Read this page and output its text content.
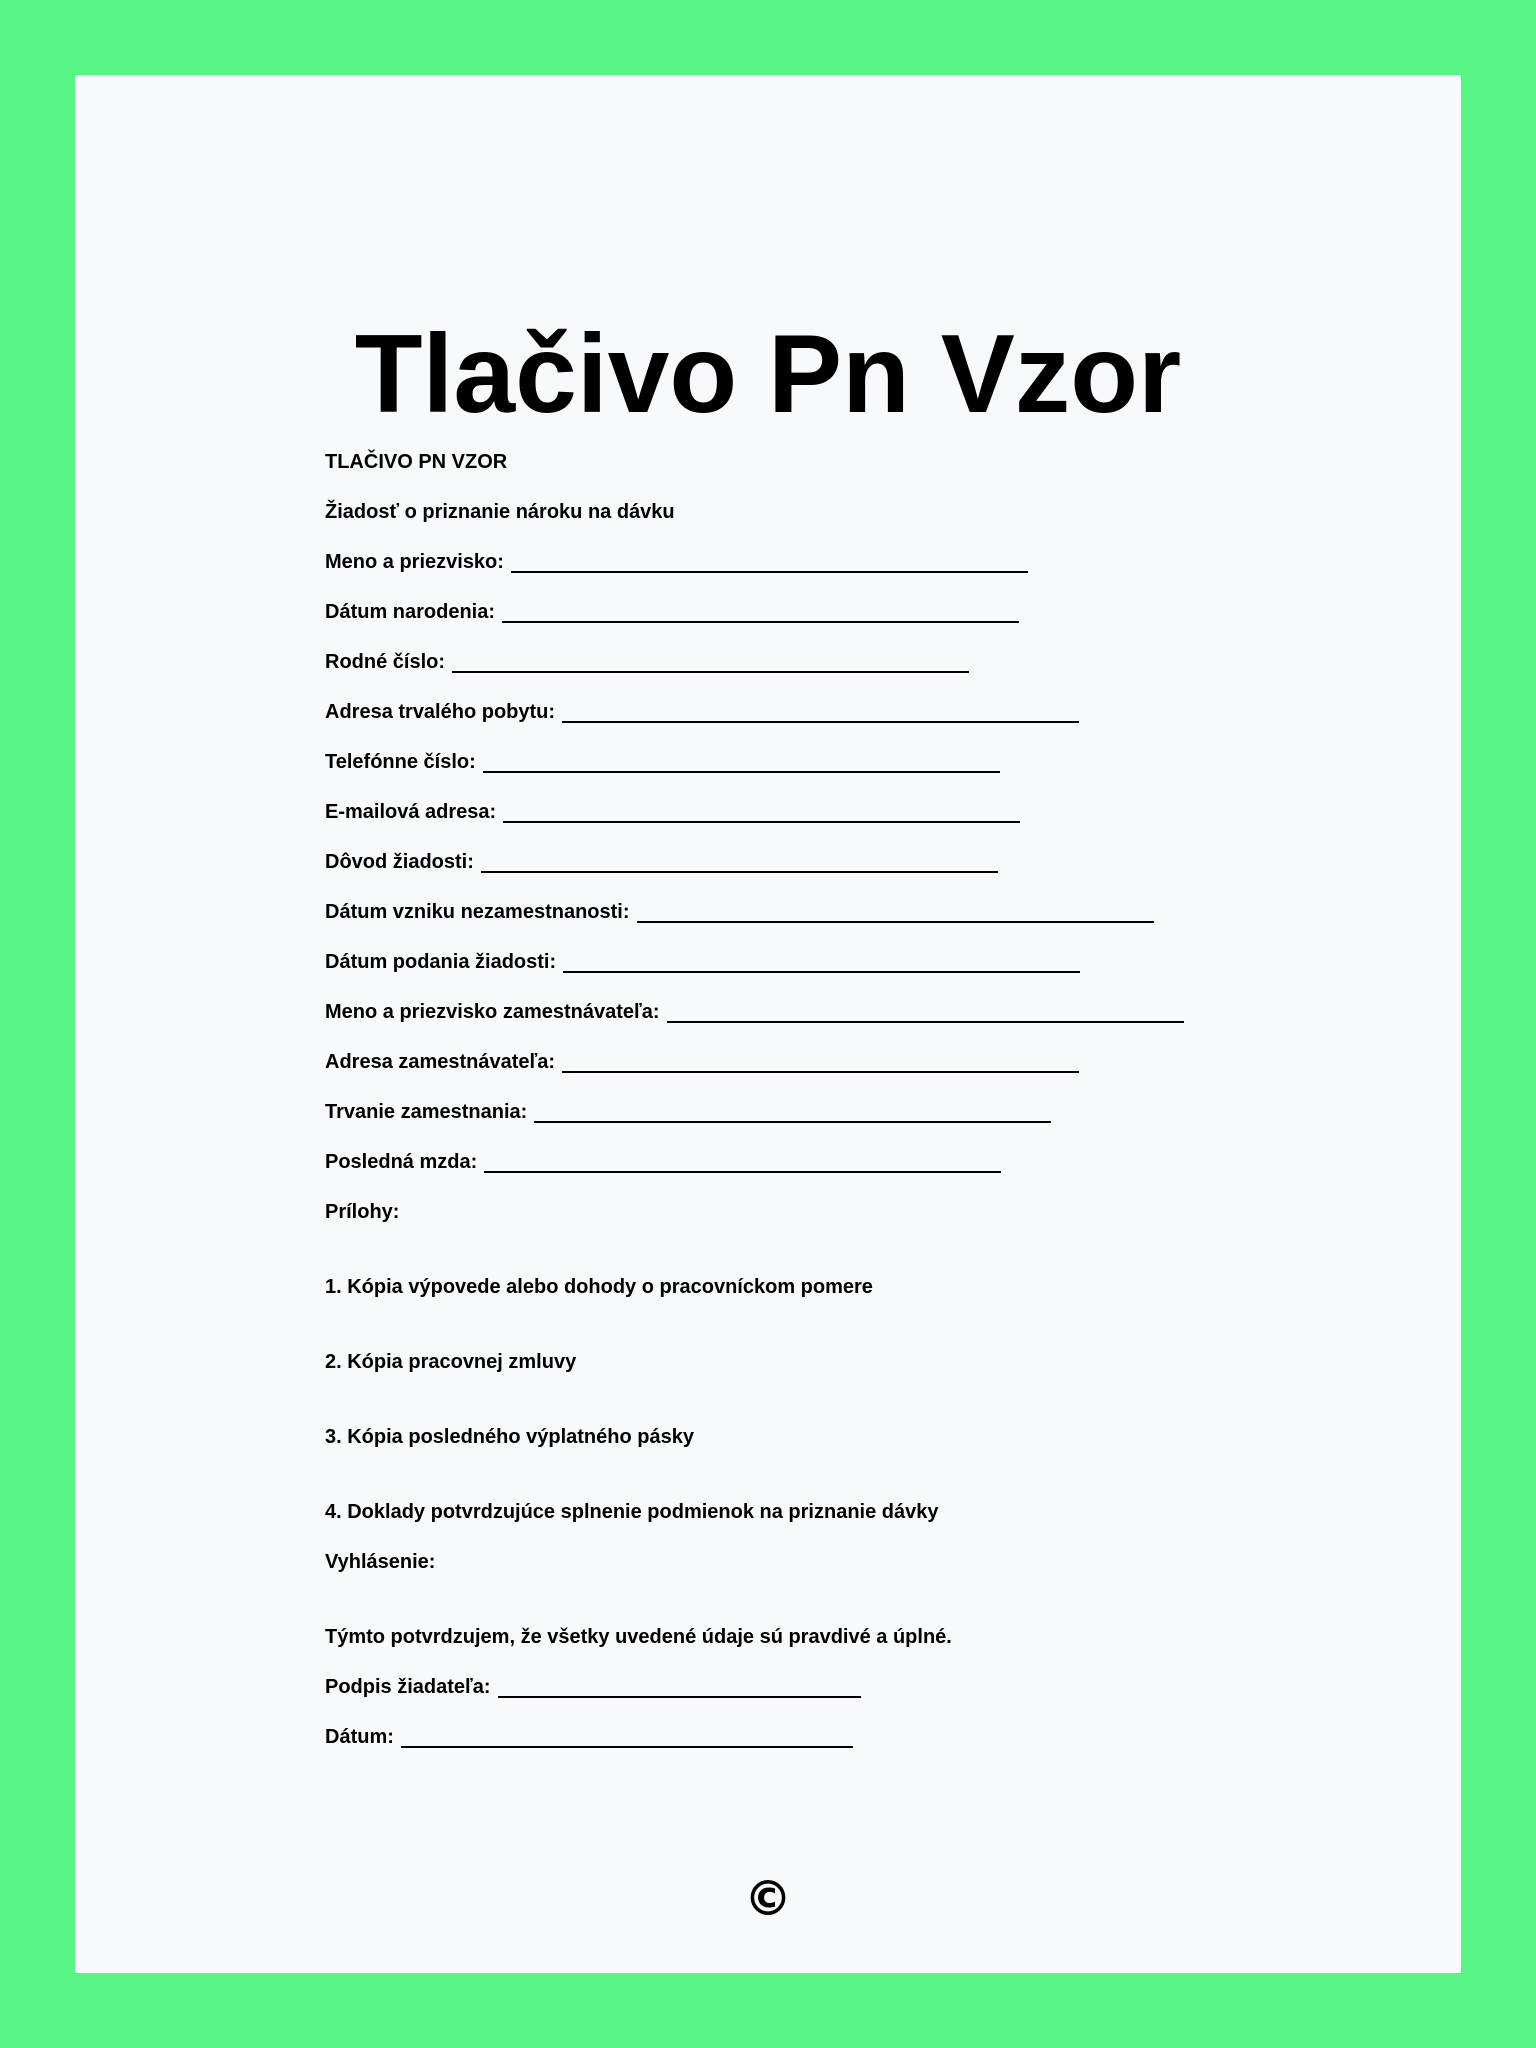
Tlačivo Pn Vzor

TLAČIVO PN VZOR

Žiadosť o priznanie nároku na dávku

Meno a priezvisko:
Dátum narodenia:
Rodné číslo:
Adresa trvalého pobytu:
Telefónne číslo:
E-mailová adresa:
Dôvod žiadosti:
Dátum vzniku nezamestnanosti:
Dátum podania žiadosti:
Meno a priezvisko zamestnávateľa:
Adresa zamestnávateľa:
Trvanie zamestnania:
Posledná mzda:

Prílohy:

1. Kópia výpovede alebo dohody o pracovníckom pomere

2. Kópia pracovnej zmluvy

3. Kópia posledného výplatného pásky

4. Doklady potvrdzujúce splnenie podmienok na priznanie dávky

Vyhlásenie:

Týmto potvrdzujem, že všetky uvedené údaje sú pravdivé a úplné.

Podpis žiadateľa:
Dátum:
©
